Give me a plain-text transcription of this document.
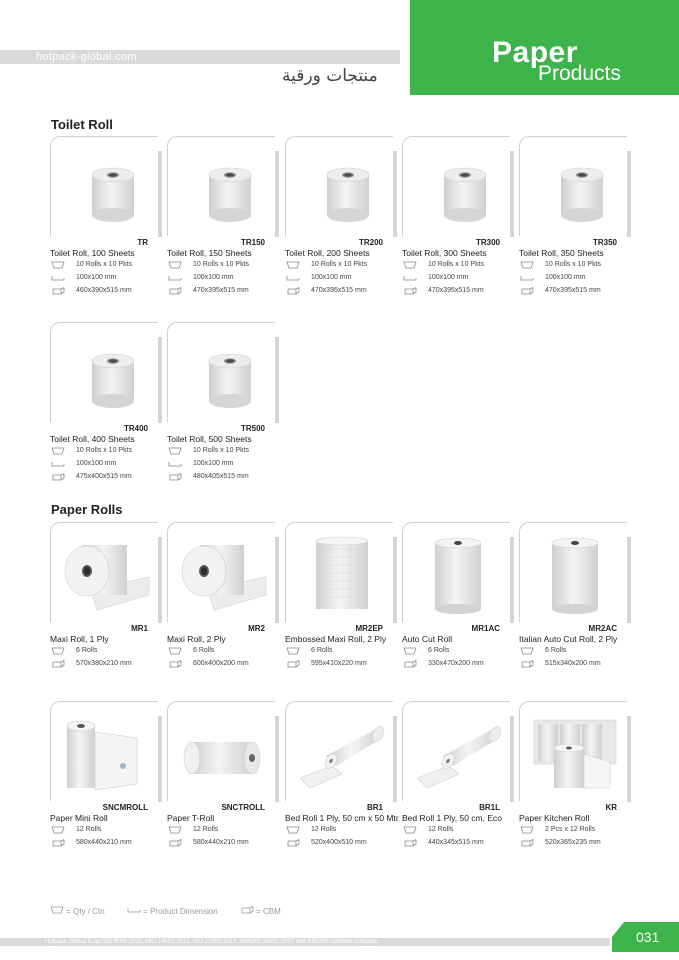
Paper
Products
hotpack-global.com
منتجات ورقية
Toilet Roll
Paper Rolls
TR
Toilet Roll, 100 Sheets
10 Rolls x 10 Pkts
100x100 mm
460x390x515 mm
TR150
Toilet Roll, 150 Sheets
10 Rolls x 10 Pkts
100x100 mm
470x395x515 mm
TR200
Toilet Roll, 200 Sheets
10 Rolls x 10 Pkts
100x100 mm
470x395x515 mm
TR300
Toilet Roll, 300 Sheets
10 Rolls x 10 Pkts
100x100 mm
470x395x515 mm
TR350
Toilet Roll, 350 Sheets
10 Rolls x 10 Pkts
100x100 mm
470x395x515 mm
TR400
Toilet Roll, 400 Sheets
10 Rolls x 10 Pkts
100x100 mm
475x400x515 mm
TR500
Toilet Roll, 500 Sheets
10 Rolls x 10 Pkts
100x100 mm
480x405x515 mm
MR1
Maxi Roll, 1 Ply
6 Rolls
570x380x210 mm
MR2
Maxi Roll, 2 Ply
6 Rolls
600x400x200 mm
MR2EP
Embossed Maxi Roll, 2 Ply
6 Rolls
595x410x220 mm
MR1AC
Auto Cut Roll
6 Rolls
330x470x200 mm
MR2AC
Italian Auto Cut Roll, 2 Ply
6 Rolls
515x340x200 mm
SNCMROLL
Paper Mini Roll
12 Rolls
580x440x210 mm
SNCTROLL
Paper T-Roll
12 Rolls
580x440x210 mm
BR1
Bed Roll 1 Ply, 50 cm x 50 Mtr
12 Rolls
520x400x510 mm
BR1L
Bed Roll 1 Ply, 50 cm, Eco
12 Rolls
440x345x515 mm
KR
Paper Kitchen Roll
2 Pcs x 12 Rolls
520x365x235 mm
= Qty / Ctn	= Product Dimension	= CBM
Hotpack Global is an ISO 9001:2015, ISO 14001:2015, ISO 22000:2018, OHSAS 18001:2007 and BRCGS certified company	031
